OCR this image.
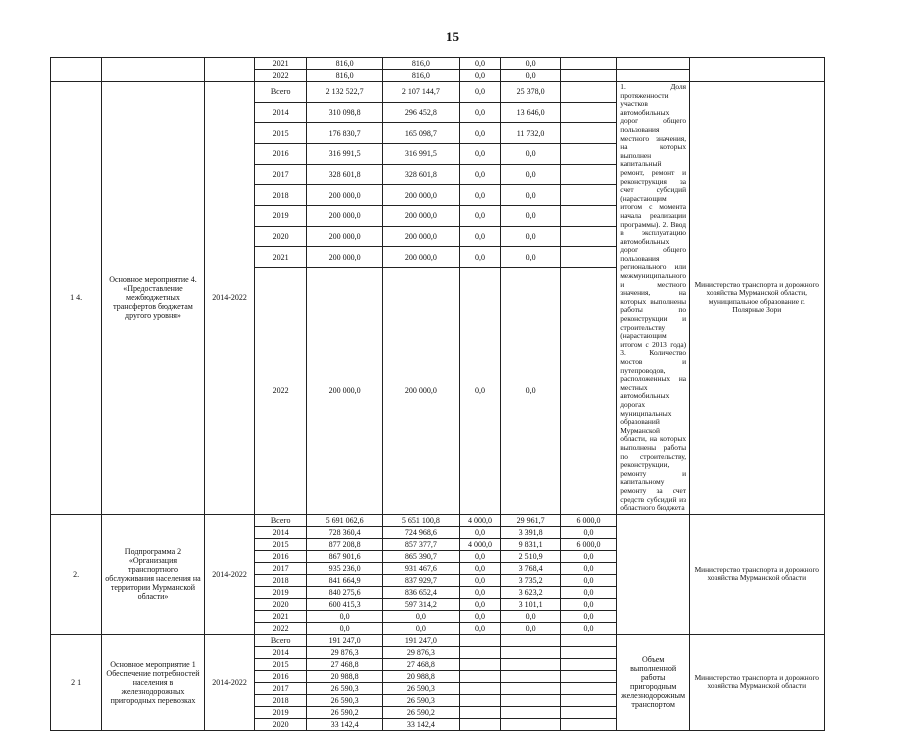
15
			2021	816,0	816,0	0,0	0,0			
			2022	816,0	816,0	0,0	0,0			
1 4.	Основное мероприятие 4. «Предоставление межбюджетных трансфертов бюджетам другого уровня»	2014-2022	Всего	2 132 522,7	2 107 144,7	0,0	25 378,0		1. Доля протяженности участков автомобильных дорог общего пользования местного значения, на которых выполнен капитальный ремонт, ремонт и реконструкция за счет субсидий (нарастающим итогом с момента начала реализации программы). 2. Ввод в эксплуатацию автомобильных дорог общего пользования регионального или межмуниципального и местного значения, на которых выполнены работы по реконструкции и строительству (нарастающим итогом с 2013 года) 3. Количество мостов и путепроводов, расположенных на местных автомобильных дорогах муниципальных образований Мурманской области, на которых выполнены работы по строительству, реконструкции, ремонту и капитальному ремонту за счет средств субсидий из областного бюджета	Министерство транспорта и дорожного хозяйства Мурманской области, муниципальное образование г. Полярные Зори
			2014	310 098,8	296 452,8	0,0	13 646,0			
			2015	176 830,7	165 098,7	0,0	11 732,0			
			2016	316 991,5	316 991,5	0,0	0,0			
			2017	328 601,8	328 601,8	0,0	0,0			
			2018	200 000,0	200 000,0	0,0	0,0			
			2019	200 000,0	200 000,0	0,0	0,0			
			2020	200 000,0	200 000,0	0,0	0,0			
			2021	200 000,0	200 000,0	0,0	0,0			
			2022	200 000,0	200 000,0	0,0	0,0			
2.	Подпрограмма 2 «Организация транспортного обслуживания населения на территории Мурманской области»	2014-2022	Всего	5 691 062,6	5 651 100,8	4 000,0	29 961,7	6 000,0		Министерство транспорта и дорожного хозяйства Мурманской области
			2014	728 360,4	724 968,6	0,0	3 391,8	0,0		
			2015	877 208,8	857 377,7	4 000,0	9 831,1	6 000,0		
			2016	867 901,6	865 390,7	0,0	2 510,9	0,0		
			2017	935 236,0	931 467,6	0,0	3 768,4	0,0		
			2018	841 664,9	837 929,7	0,0	3 735,2	0,0		
			2019	840 275,6	836 652,4	0,0	3 623,2	0,0		
			2020	600 415,3	597 314,2	0,0	3 101,1	0,0		
			2021	0,0	0,0	0,0	0,0	0,0		
			2022	0,0	0,0	0,0	0,0	0,0		
2 1	Основное мероприятие 1 Обеспечение потребностей населения в железнодорожных пригородных перевозках	2014-2022	Всего	191 247,0	191 247,0				Объем выполненной работы пригородным железнодорожным транспортом	Министерство транспорта и дорожного хозяйства Мурманской области
			2014	29 876,3	29 876,3					
			2015	27 468,8	27 468,8					
			2016	20 988,8	20 988,8					
			2017	26 590,3	26 590,3					
			2018	26 590,3	26 590,3					
			2019	26 590,2	26 590,2					
			2020	33 142,4	33 142,4					
